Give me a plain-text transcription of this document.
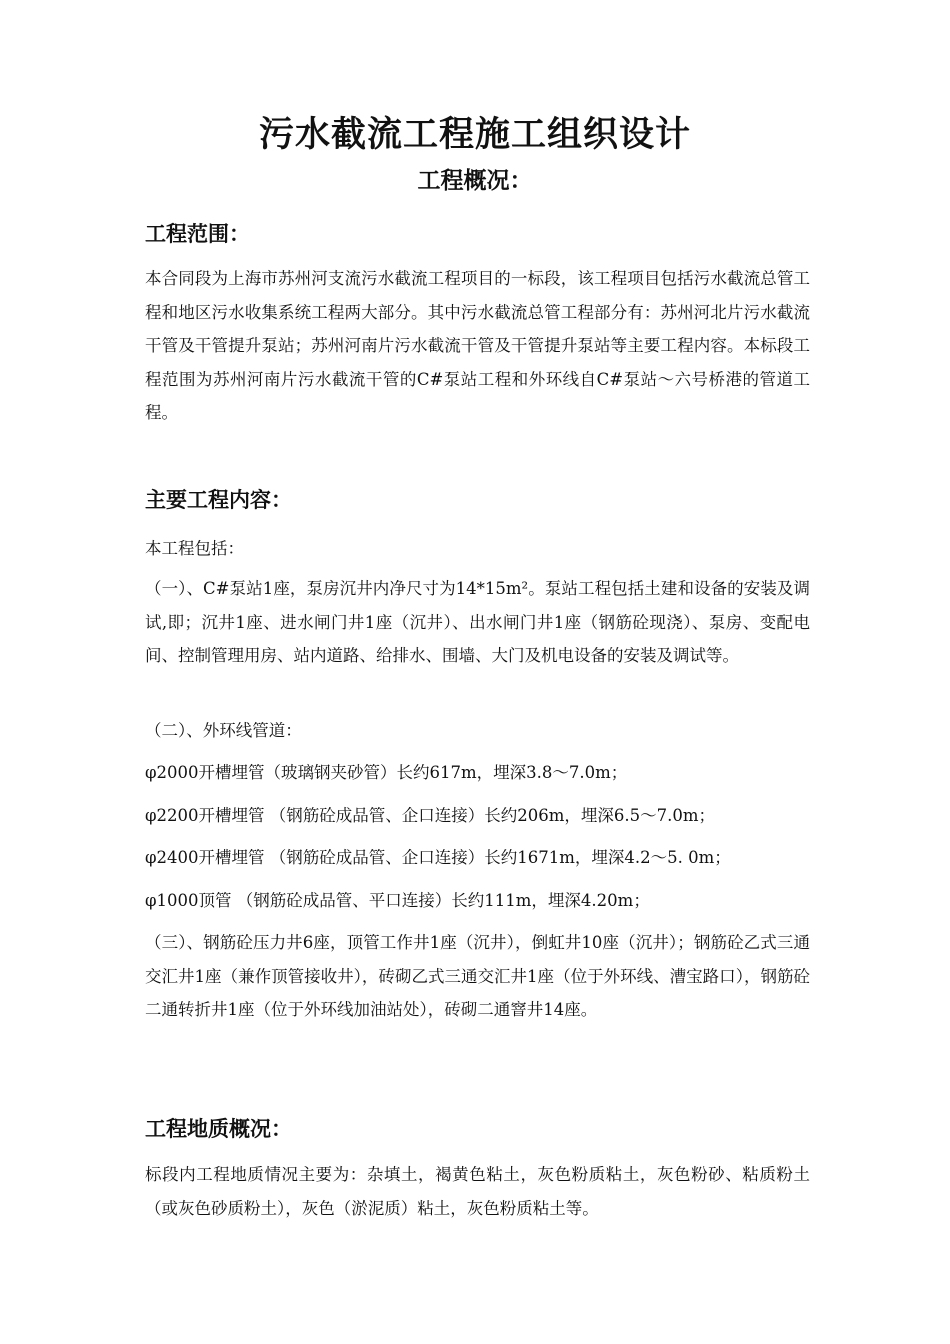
污水截流工程施工组织设计
工程概况：
工程范围：
本合同段为上海市苏州河支流污水截流工程项目的一标段，该工程项目包括污水截流总管工程和地区污水收集系统工程两大部分。其中污水截流总管工程部分有：苏州河北片污水截流干管及干管提升泵站；苏州河南片污水截流干管及干管提升泵站等主要工程内容。本标段工程范围为苏州河南片污水截流干管的C#泵站工程和外环线自C#泵站～六号桥港的管道工程。
主要工程内容：
本工程包括：
（一）、C#泵站1座，泵房沉井内净尺寸为14*15m²。泵站工程包括土建和设备的安装及调试,即；沉井1座、进水闸门井1座（沉井）、出水闸门井1座（钢筋砼现浇）、泵房、变配电间、控制管理用房、站内道路、给排水、围墙、大门及机电设备的安装及调试等。
（二）、外环线管道：
φ2000开槽埋管（玻璃钢夹砂管）长约617m，埋深3.8～7.0m；
φ2200开槽埋管 （钢筋砼成品管、企口连接）长约206m，埋深6.5～7.0m；
φ2400开槽埋管 （钢筋砼成品管、企口连接）长约1671m，埋深4.2～5. 0m；
φ1000顶管 （钢筋砼成品管、平口连接）长约111m，埋深4.20m；
（三）、钢筋砼压力井6座，顶管工作井1座（沉井），倒虹井10座（沉井）；钢筋砼乙式三通交汇井1座（兼作顶管接收井），砖砌乙式三通交汇井1座（位于外环线、漕宝路口），钢筋砼二通转折井1座（位于外环线加油站处），砖砌二通窨井14座。
工程地质概况：
标段内工程地质情况主要为：杂填土，褐黄色粘土，灰色粉质粘土，灰色粉砂、粘质粉土（或灰色砂质粉土），灰色（淤泥质）粘土，灰色粉质粘土等。
